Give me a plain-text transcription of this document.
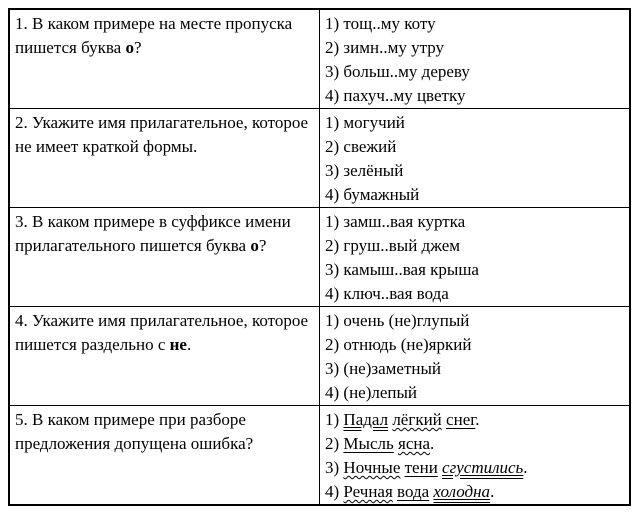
1. В каком примере на месте пропуска пишется буква о?	1) тощ..му коту
2) зимн..му утру
3) больш..му дереву
4) пахуч..му цветку

2. Укажите имя прилагательное, которое не имеет краткой формы.	1) могучий
2) свежий
3) зелёный
4) бумажный

3. В каком примере в суффиксе имени прилагательного пишется буква о?	1) замш..вая куртка
2) груш..вый джем
3) камыш..вая крыша
4) ключ..вая вода

4. Укажите имя прилагательное, которое пишется раздельно с не.	1) очень (не)глупый
2) отнюдь (не)яркий
3) (не)заметный
4) (не)лепый

5. В каком примере при разборе предложения допущена ошибка?	1) Падал лёгкий снег.
2) Мысль ясна.
3) Ночные тени сгустились.
4) Речная вода холодна.
